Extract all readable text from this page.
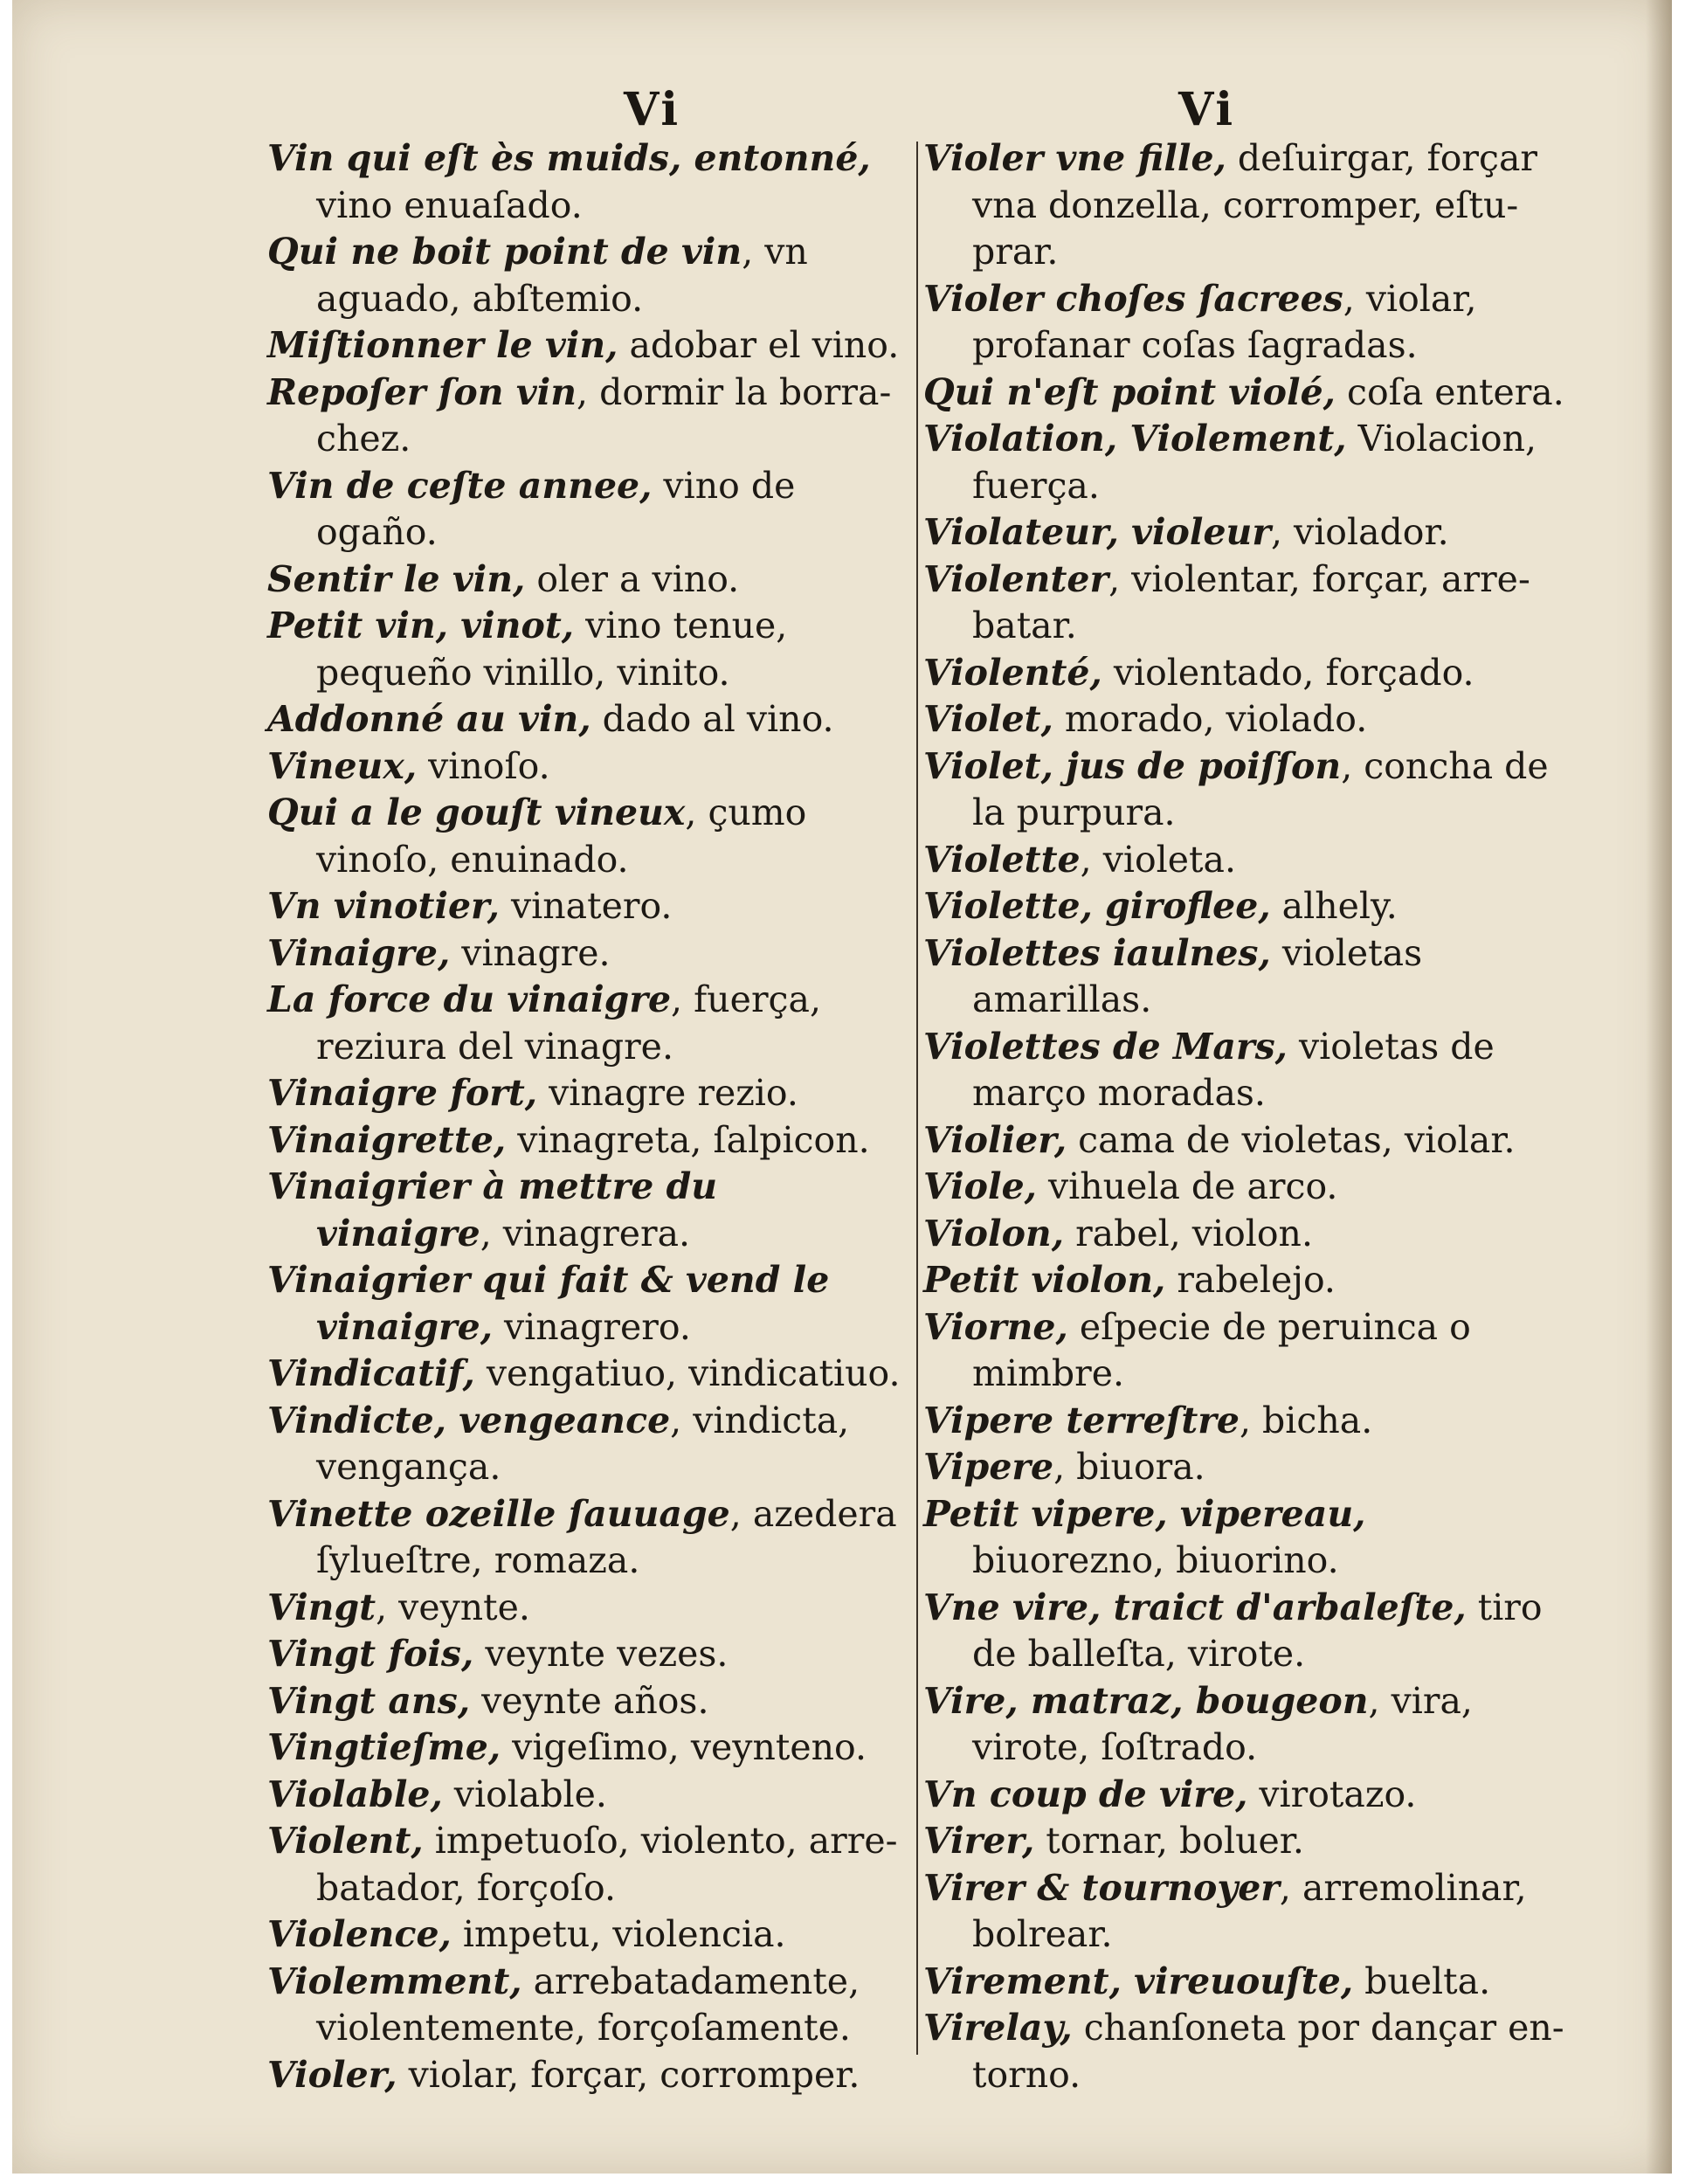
Vi	Vi

Vin qui eſt ès muids, entonné, vino enuaſado.

Qui ne boit point de vin, vn aguado, abſtemio.

Miſtionner le vin, adobar el vino.

Repoſer ſon vin, dormir la borrachez.

Vin de ceſte annee, vino de ogaño.

Sentir le vin, oler a vino.

Petit vin, vinot, vino tenue, pequeño vinillo, vinito.

Addonné au vin, dado al vino.

Vineux, vinoſo.

Qui a le gouſt vineux, çumo vinoſo, enuinado.

Vn vinotier, vinatero.

Vinaigre, vinagre.

La force du vinaigre, fuerça, reziura del vinagre.

Vinaigre fort, vinagre rezio.

Vinaigrette, vinagreta, ſalpicon.

Vinaigrier à mettre du vinaigre, vinagrera.

Vinaigrier qui fait & vend le vinaigre, vinagrero.

Vindicatif, vengatiuo, vindicatiuo.

Vindicte, vengeance, vindicta, vengança.

Vinette ozeille ſauuage, azedera ſylueſtre, romaza.

Vingt, veynte.

Vingt fois, veynte vezes.

Vingt ans, veynte años.

Vingtieſme, vigeſimo, veynteno.

Violable, violable.

Violent, impetuoſo, violento, arrebatador, forçoſo.

Violence, impetu, violencia.

Violemment, arrebatadamente, violentemente, forçoſamente.

Violer, violar, forçar, corromper.

Violer vne fille, deſuirgar, forçar vna donzella, corromper, eſtuprar.

Violer choſes ſacrees, violar, profanar coſas ſagradas.

Qui n'eſt point violé, coſa entera.

Violation, Violement, Violacion, fuerça.

Violateur, violeur, violador.

Violenter, violentar, forçar, arrebatar.

Violenté, violentado, forçado.

Violet, morado, violado.

Violet, jus de poiſſon, concha de la purpura.

Violette, violeta.

Violette, giroflee, alhely.

Violettes iaulnes, violetas amarillas.

Violettes de Mars, violetas de março moradas.

Violier, cama de violetas, violar.

Viole, vihuela de arco.

Violon, rabel, violon.

Petit violon, rabelejo.

Viorne, eſpecie de peruinca o mimbre.

Vipere terreſtre, bicha.

Vipere, biuora.

Petit vipere, vipereau, biuorezno, biuorino.

Vne vire, traict d'arbaleſte, tiro de balleſta, virote.

Vire, matraz, bougeon, vira, virote, ſoſtrado.

Vn coup de vire, virotazo.

Virer, tornar, boluer.

Virer & tournoyer, arremolinar, bolrear.

Virement, vireuouſte, buelta.

Virelay, chanſoneta por dançar entorno.
